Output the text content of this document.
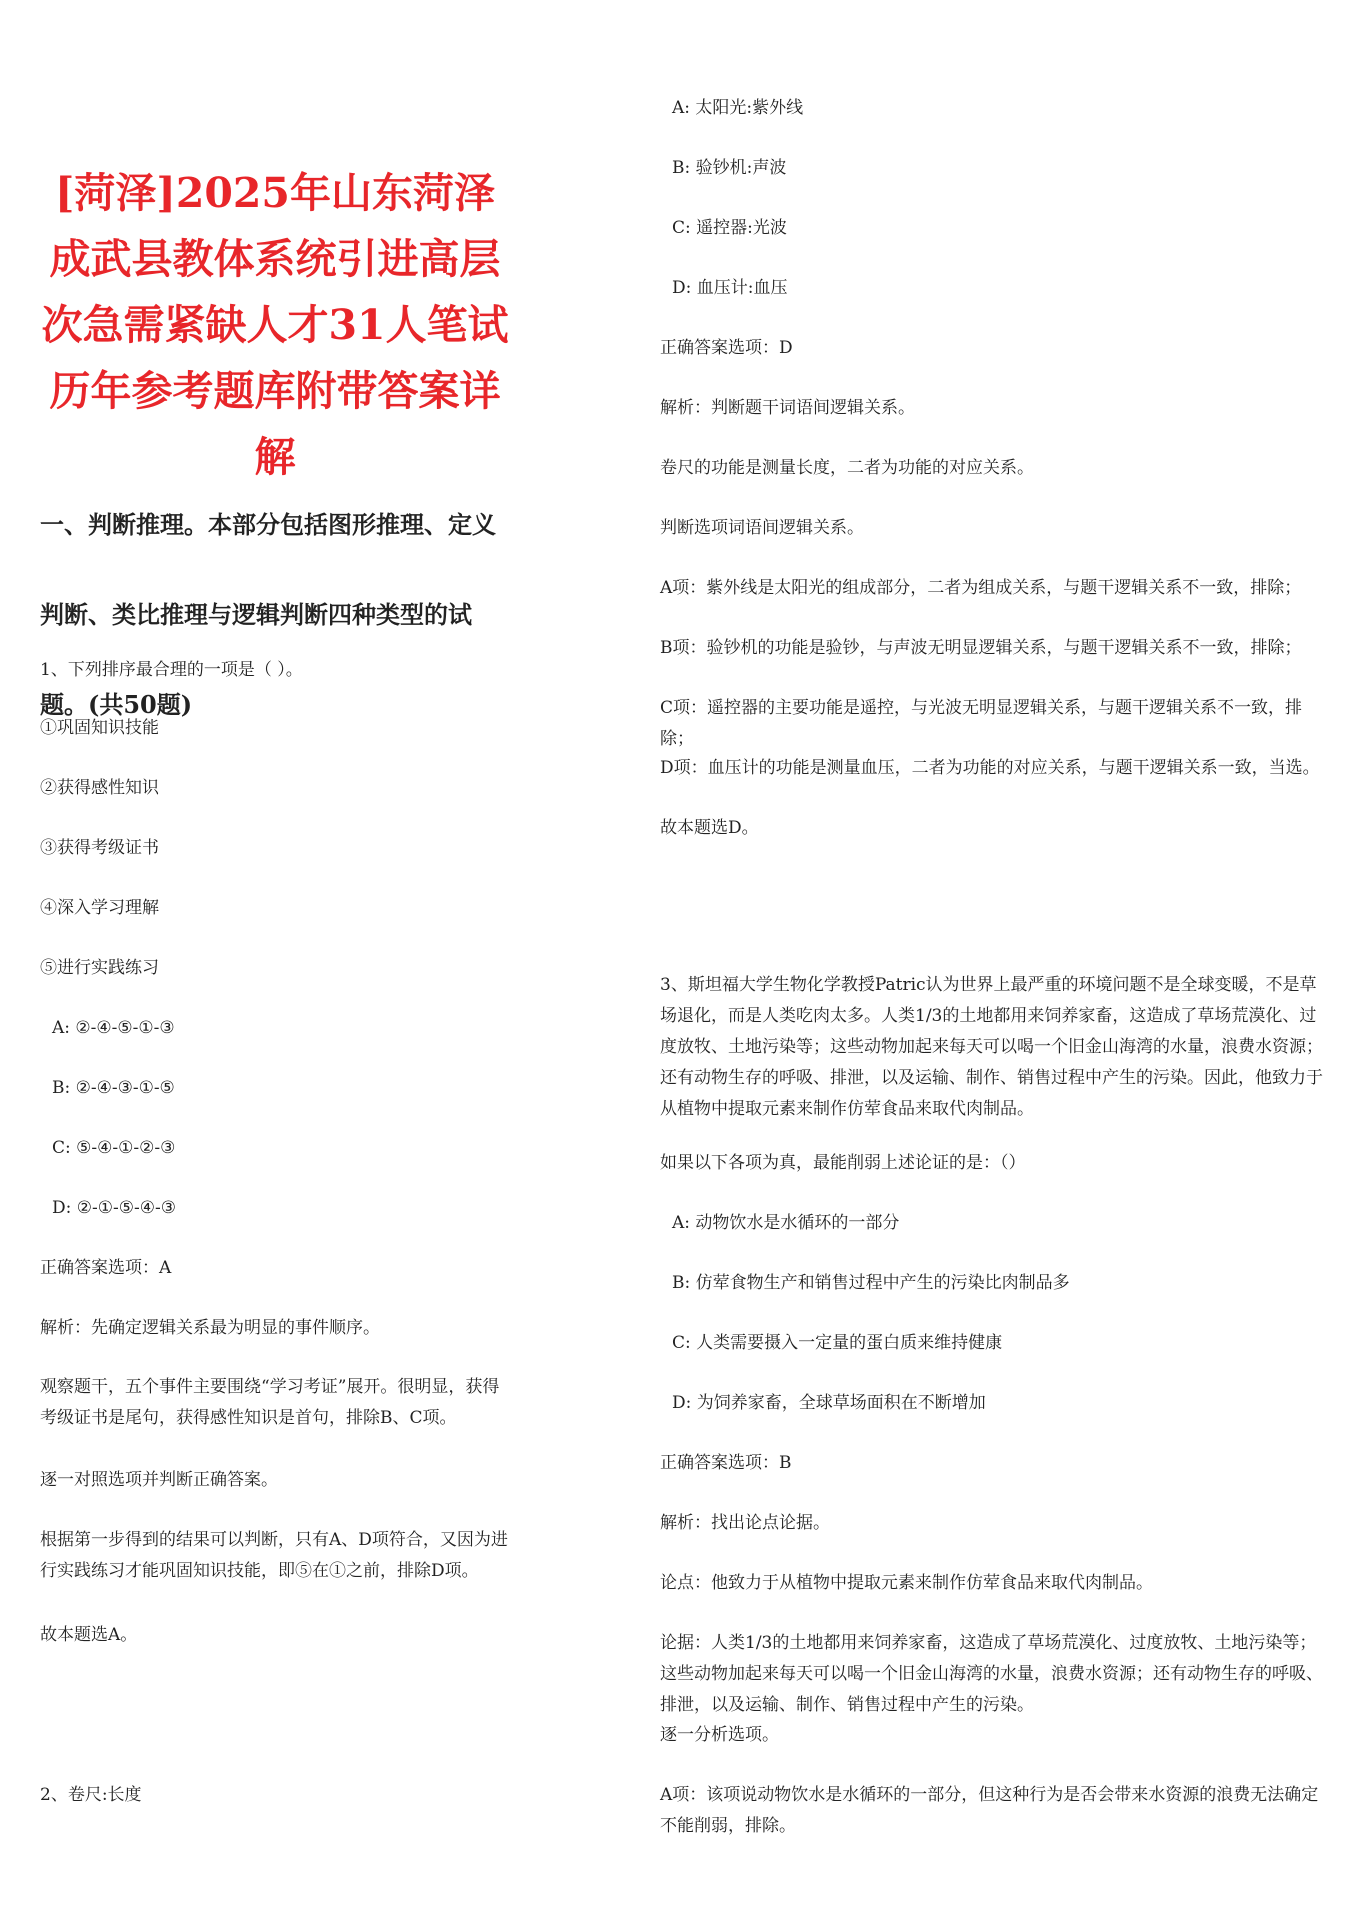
[菏泽]2025年山东菏泽成武县教体系统引进高层次急需紧缺人才31人笔试历年参考题库附带答案详解
一、判断推理。本部分包括图形推理、定义判断、类比推理与逻辑判断四种类型的试题。(共50题)

1、下列排序最合理的一项是（ ）。

①巩固知识技能

②获得感性知识

③获得考级证书

④深入学习理解

⑤进行实践练习

A: ②-④-⑤-①-③

B: ②-④-③-①-⑤

C: ⑤-④-①-②-③

D: ②-①-⑤-④-③

正确答案选项：A

解析：先确定逻辑关系最为明显的事件顺序。

观察题干，五个事件主要围绕“学习考证”展开。很明显，获得考级证书是尾句，获得感性知识是首句，排除B、C项。

逐一对照选项并判断正确答案。

根据第一步得到的结果可以判断，只有A、D项符合，又因为进行实践练习才能巩固知识技能，即⑤在①之前，排除D项。

故本题选A。

2、卷尺:长度

A: 太阳光:紫外线

B: 验钞机:声波

C: 遥控器:光波

D: 血压计:血压

正确答案选项：D

解析：判断题干词语间逻辑关系。

卷尺的功能是测量长度，二者为功能的对应关系。

判断选项词语间逻辑关系。

A项：紫外线是太阳光的组成部分，二者为组成关系，与题干逻辑关系不一致，排除；

B项：验钞机的功能是验钞，与声波无明显逻辑关系，与题干逻辑关系不一致，排除；

C项：遥控器的主要功能是遥控，与光波无明显逻辑关系，与题干逻辑关系不一致，排除；

D项：血压计的功能是测量血压，二者为功能的对应关系，与题干逻辑关系一致，当选。

故本题选D。

3、斯坦福大学生物化学教授Patric认为世界上最严重的环境问题不是全球变暖，不是草场退化，而是人类吃肉太多。人类1/3的土地都用来饲养家畜，这造成了草场荒漠化、过度放牧、土地污染等；这些动物加起来每天可以喝一个旧金山海湾的水量，浪费水资源；还有动物生存的呼吸、排泄，以及运输、制作、销售过程中产生的污染。因此，他致力于从植物中提取元素来制作仿荤食品来取代肉制品。

如果以下各项为真，最能削弱上述论证的是：（）

A: 动物饮水是水循环的一部分

B: 仿荤食物生产和销售过程中产生的污染比肉制品多

C: 人类需要摄入一定量的蛋白质来维持健康

D: 为饲养家畜，全球草场面积在不断增加

正确答案选项：B

解析：找出论点论据。

论点：他致力于从植物中提取元素来制作仿荤食品来取代肉制品。

论据：人类1/3的土地都用来饲养家畜，这造成了草场荒漠化、过度放牧、土地污染等；这些动物加起来每天可以喝一个旧金山海湾的水量，浪费水资源；还有动物生存的呼吸、排泄，以及运输、制作、销售过程中产生的污染。

逐一分析选项。

A项：该项说动物饮水是水循环的一部分，但这种行为是否会带来水资源的浪费无法确定不能削弱，排除。
